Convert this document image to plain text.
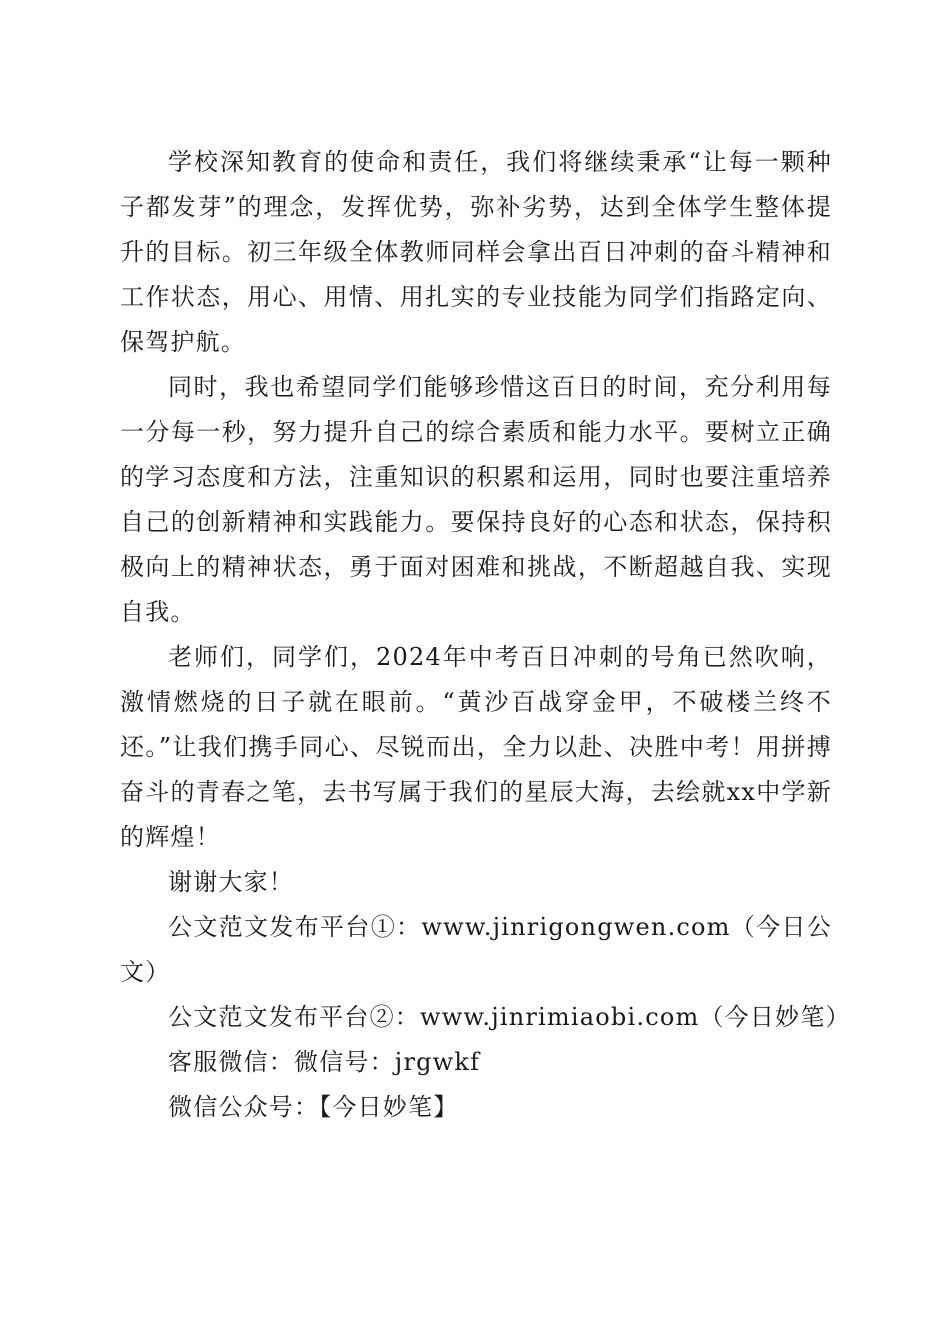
学校深知教育的使命和责任，我们将继续秉承“让每一颗种子都发芽”的理念，发挥优势，弥补劣势，达到全体学生整体提升的目标。初三年级全体教师同样会拿出百日冲刺的奋斗精神和工作状态，用心、用情、用扎实的专业技能为同学们指路定向、保驾护航。

同时，我也希望同学们能够珍惜这百日的时间，充分利用每一分每一秒，努力提升自己的综合素质和能力水平。要树立正确的学习态度和方法，注重知识的积累和运用，同时也要注重培养自己的创新精神和实践能力。要保持良好的心态和状态，保持积极向上的精神状态，勇于面对困难和挑战，不断超越自我、实现自我。

老师们，同学们，2024年中考百日冲刺的号角已然吹响，激情燃烧的日子就在眼前。“黄沙百战穿金甲，不破楼兰终不还。”让我们携手同心、尽锐而出，全力以赴、决胜中考！用拼搏奋斗的青春之笔，去书写属于我们的星辰大海，去绘就xx中学新的辉煌！

谢谢大家！

公文范文发布平台①：www.jinrigongwen.com（今日公文）

公文范文发布平台②：www.jinrimiaobi.com（今日妙笔）

客服微信：微信号：jrgwkf

微信公众号：【今日妙笔】
